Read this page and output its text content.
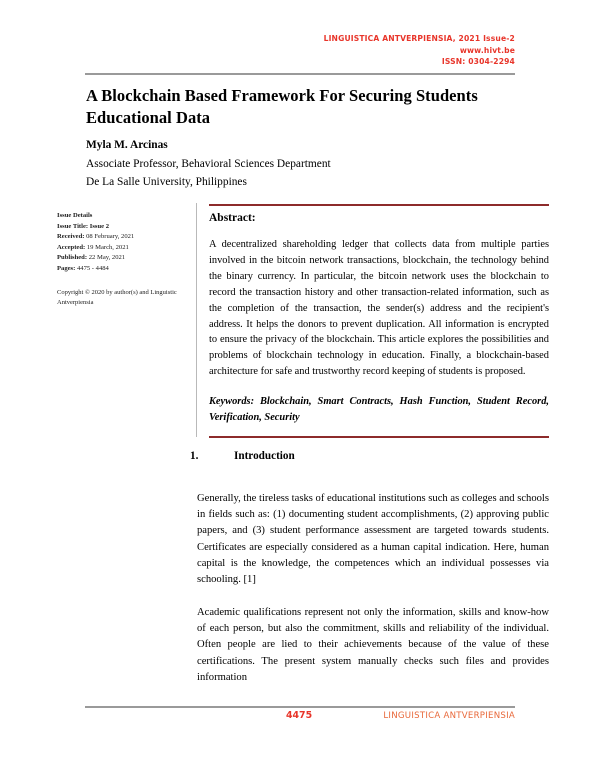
LINGUISTICA ANTVERPIENSIA, 2021 Issue-2
www.hivt.be
ISSN: 0304-2294
A Blockchain Based Framework For Securing Students Educational Data
Myla M. Arcinas
Associate Professor, Behavioral Sciences Department
De La Salle University, Philippines
Issue Details
Issue Title: Issue 2
Received: 08 February, 2021
Accepted: 19 March, 2021
Published: 22 May, 2021
Pages: 4475 - 4484
Copyright © 2020 by author(s) and Linguistic Antverpiensia
Abstract:
A decentralized shareholding ledger that collects data from multiple parties involved in the bitcoin network transactions, blockchain, the technology behind the binary currency. In particular, the bitcoin network uses the blockchain to record the transaction history and other transaction-related information, such as the completion of the transaction, the sender(s) address and the recipient's address. It helps the donors to prevent duplication. All information is encrypted to ensure the privacy of the blockchain. This article explores the possibilities and problems of blockchain technology in education. Finally, a blockchain-based architecture for safe and trustworthy record keeping of students is proposed.
Keywords: Blockchain, Smart Contracts, Hash Function, Student Record, Verification, Security
1.	Introduction
Generally, the tireless tasks of educational institutions such as colleges and schools in fields such as: (1) documenting student accomplishments, (2) approving public papers, and (3) student performance assessment are targeted towards students. Certificates are especially considered as a human capital indication. Here, human capital is the knowledge, the competences which an individual possesses via schooling. [1]
Academic qualifications represent not only the information, skills and know-how of each person, but also the commitment, skills and reliability of the individual. Often people are lied to their achievements because of the value of these certifications. The present system manually checks such files and provides information
4475	LINGUISTICA ANTVERPIENSIA
